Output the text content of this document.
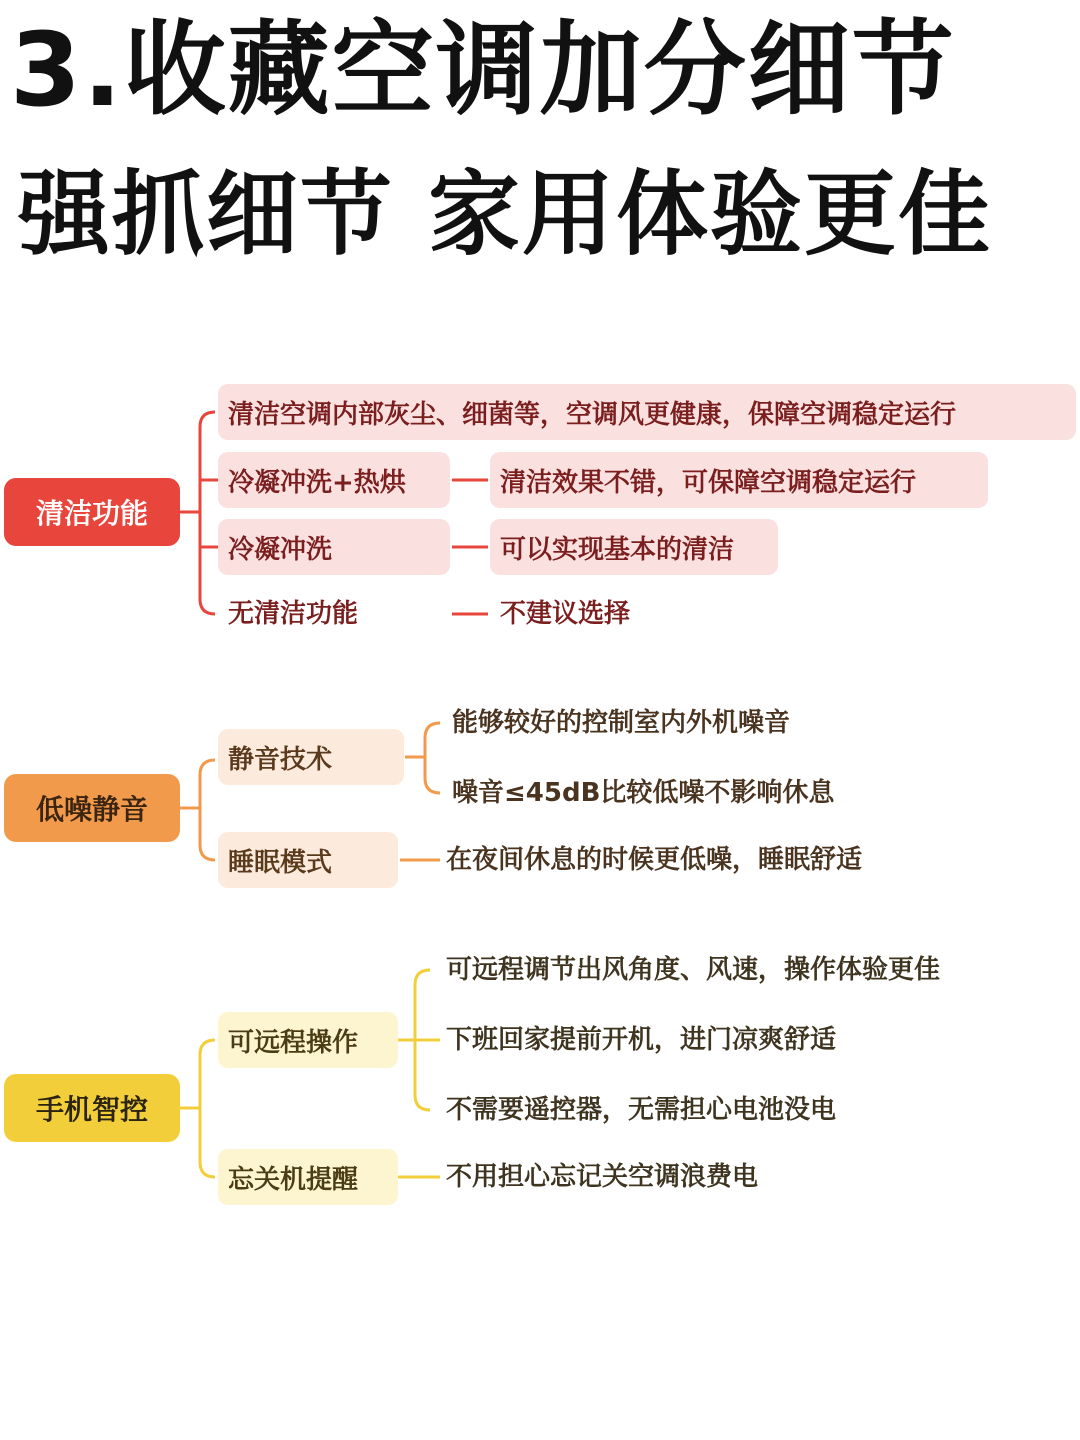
3.收藏空调加分细节
强抓细节 家用体验更佳
清洁功能
清洁空调内部灰尘、细菌等，空调风更健康，保障空调稳定运行
冷凝冲洗+热烘	清洁效果不错，可保障空调稳定运行
冷凝冲洗	可以实现基本的清洁
无清洁功能	不建议选择
低噪静音
静音技术
能够较好的控制室内外机噪音
噪音≤45dB比较低噪不影响休息
睡眠模式	在夜间休息的时候更低噪，睡眠舒适
手机智控
可远程操作
可远程调节出风角度、风速，操作体验更佳
下班回家提前开机，进门凉爽舒适
不需要遥控器，无需担心电池没电
忘关机提醒	不用担心忘记关空调浪费电
